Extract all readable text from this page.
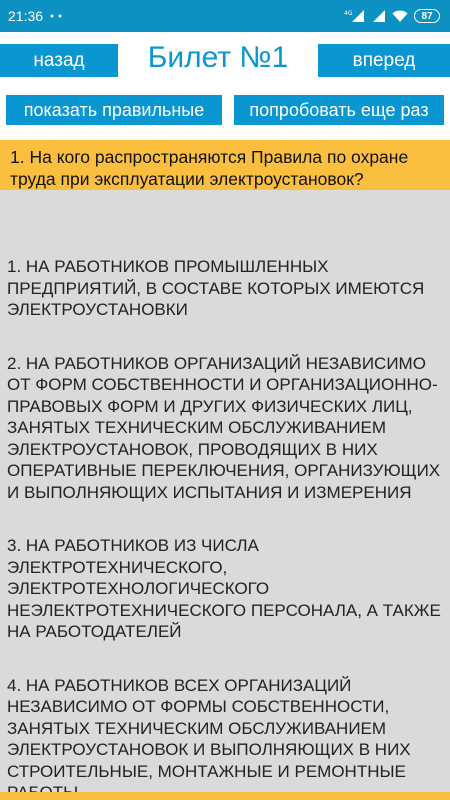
21:36	4G	87
назад	Билет №1	вперед
показать правильные	попробовать еще раз
1. На кого распространяются Правила по охране труда при эксплуатации электроустановок?
1. НА РАБОТНИКОВ ПРОМЫШЛЕННЫХ ПРЕДПРИЯТИЙ, В СОСТАВЕ КОТОРЫХ ИМЕЮТСЯ ЭЛЕКТРОУСТАНОВКИ
2. НА РАБОТНИКОВ ОРГАНИЗАЦИЙ НЕЗАВИСИМО ОТ ФОРМ СОБСТВЕННОСТИ И ОРГАНИЗАЦИОННО-ПРАВОВЫХ ФОРМ И ДРУГИХ ФИЗИЧЕСКИХ ЛИЦ, ЗАНЯТЫХ ТЕХНИЧЕСКИМ ОБСЛУЖИВАНИЕМ ЭЛЕКТРОУСТАНОВОК, ПРОВОДЯЩИХ В НИХ ОПЕРАТИВНЫЕ ПЕРЕКЛЮЧЕНИЯ, ОРГАНИЗУЮЩИХ И ВЫПОЛНЯЮЩИХ ИСПЫТАНИЯ И ИЗМЕРЕНИЯ
3. НА РАБОТНИКОВ ИЗ ЧИСЛА ЭЛЕКТРОТЕХНИЧЕСКОГО, ЭЛЕКТРОТЕХНОЛОГИЧЕСКОГО НЕЭЛЕКТРОТЕХНИЧЕСКОГО ПЕРСОНАЛА, А ТАКЖЕ НА РАБОТОДАТЕЛЕЙ
4. НА РАБОТНИКОВ ВСЕХ ОРГАНИЗАЦИЙ НЕЗАВИСИМО ОТ ФОРМЫ СОБСТВЕННОСТИ, ЗАНЯТЫХ ТЕХНИЧЕСКИМ ОБСЛУЖИВАНИЕМ ЭЛЕКТРОУСТАНОВОК И ВЫПОЛНЯЮЩИХ В НИХ СТРОИТЕЛЬНЫЕ, МОНТАЖНЫЕ И РЕМОНТНЫЕ
